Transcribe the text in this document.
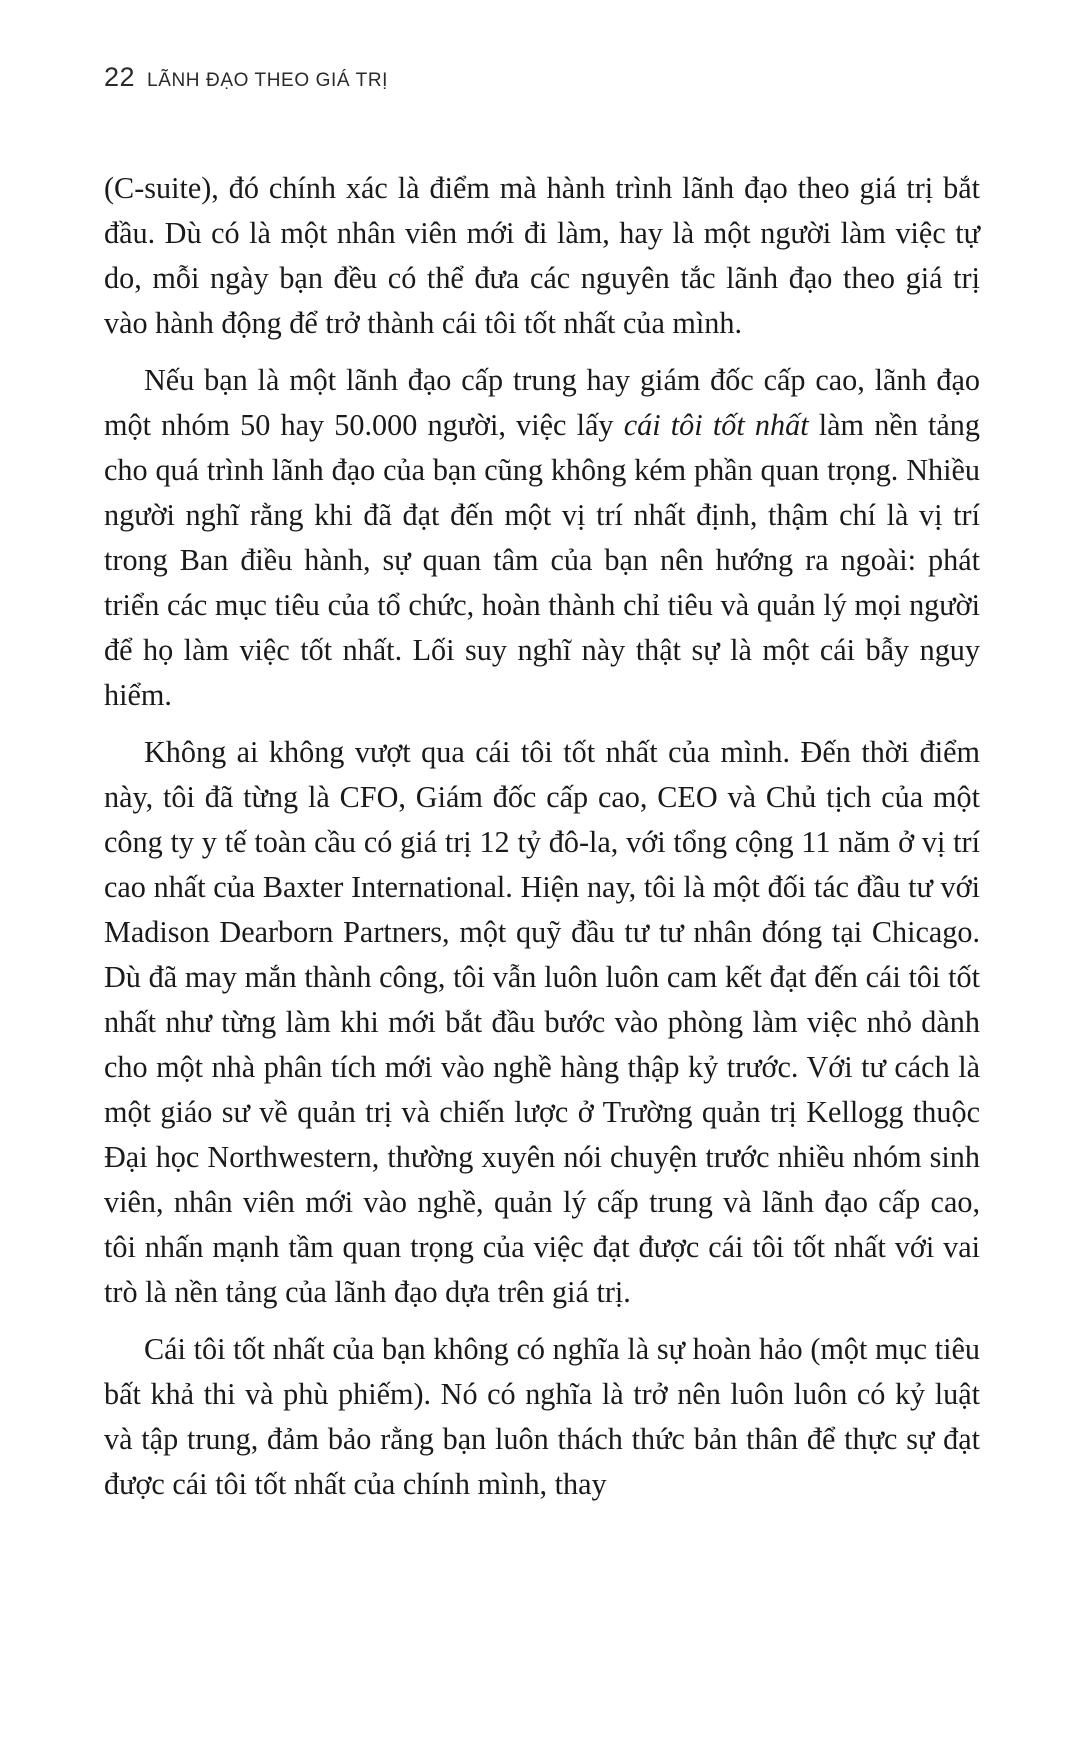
22 LÃNH ĐẠO THEO GIÁ TRỊ

(C-suite), đó chính xác là điểm mà hành trình lãnh đạo theo giá trị bắt đầu. Dù có là một nhân viên mới đi làm, hay là một người làm việc tự do, mỗi ngày bạn đều có thể đưa các nguyên tắc lãnh đạo theo giá trị vào hành động để trở thành cái tôi tốt nhất của mình.

Nếu bạn là một lãnh đạo cấp trung hay giám đốc cấp cao, lãnh đạo một nhóm 50 hay 50.000 người, việc lấy cái tôi tốt nhất làm nền tảng cho quá trình lãnh đạo của bạn cũng không kém phần quan trọng. Nhiều người nghĩ rằng khi đã đạt đến một vị trí nhất định, thậm chí là vị trí trong Ban điều hành, sự quan tâm của bạn nên hướng ra ngoài: phát triển các mục tiêu của tổ chức, hoàn thành chỉ tiêu và quản lý mọi người để họ làm việc tốt nhất. Lối suy nghĩ này thật sự là một cái bẫy nguy hiểm.

Không ai không vượt qua cái tôi tốt nhất của mình. Đến thời điểm này, tôi đã từng là CFO, Giám đốc cấp cao, CEO và Chủ tịch của một công ty y tế toàn cầu có giá trị 12 tỷ đô-la, với tổng cộng 11 năm ở vị trí cao nhất của Baxter International. Hiện nay, tôi là một đối tác đầu tư với Madison Dearborn Partners, một quỹ đầu tư tư nhân đóng tại Chicago. Dù đã may mắn thành công, tôi vẫn luôn luôn cam kết đạt đến cái tôi tốt nhất như từng làm khi mới bắt đầu bước vào phòng làm việc nhỏ dành cho một nhà phân tích mới vào nghề hàng thập kỷ trước. Với tư cách là một giáo sư về quản trị và chiến lược ở Trường quản trị Kellogg thuộc Đại học Northwestern, thường xuyên nói chuyện trước nhiều nhóm sinh viên, nhân viên mới vào nghề, quản lý cấp trung và lãnh đạo cấp cao, tôi nhấn mạnh tầm quan trọng của việc đạt được cái tôi tốt nhất với vai trò là nền tảng của lãnh đạo dựa trên giá trị.

Cái tôi tốt nhất của bạn không có nghĩa là sự hoàn hảo (một mục tiêu bất khả thi và phù phiếm). Nó có nghĩa là trở nên luôn luôn có kỷ luật và tập trung, đảm bảo rằng bạn luôn thách thức bản thân để thực sự đạt được cái tôi tốt nhất của chính mình, thay
